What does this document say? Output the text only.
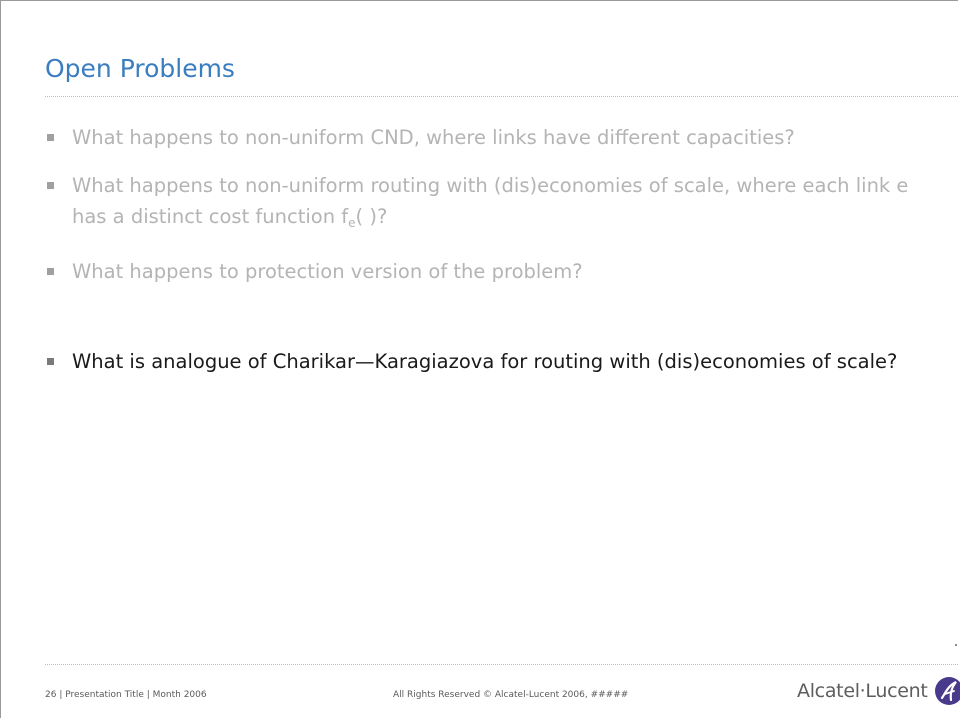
Open Problems
What happens to non-uniform CND, where links have different capacities?
What happens to non-uniform routing with (dis)economies of scale, where each link e has a distinct cost function $f_e$( )?
What happens to protection version of the problem?
What is analogue of Charikar—Karagiazova for routing with (dis)economies of scale?
26 | Presentation Title | Month 2006	All Rights Reserved © Alcatel-Lucent 2006, #####	Alcatel·Lucent
